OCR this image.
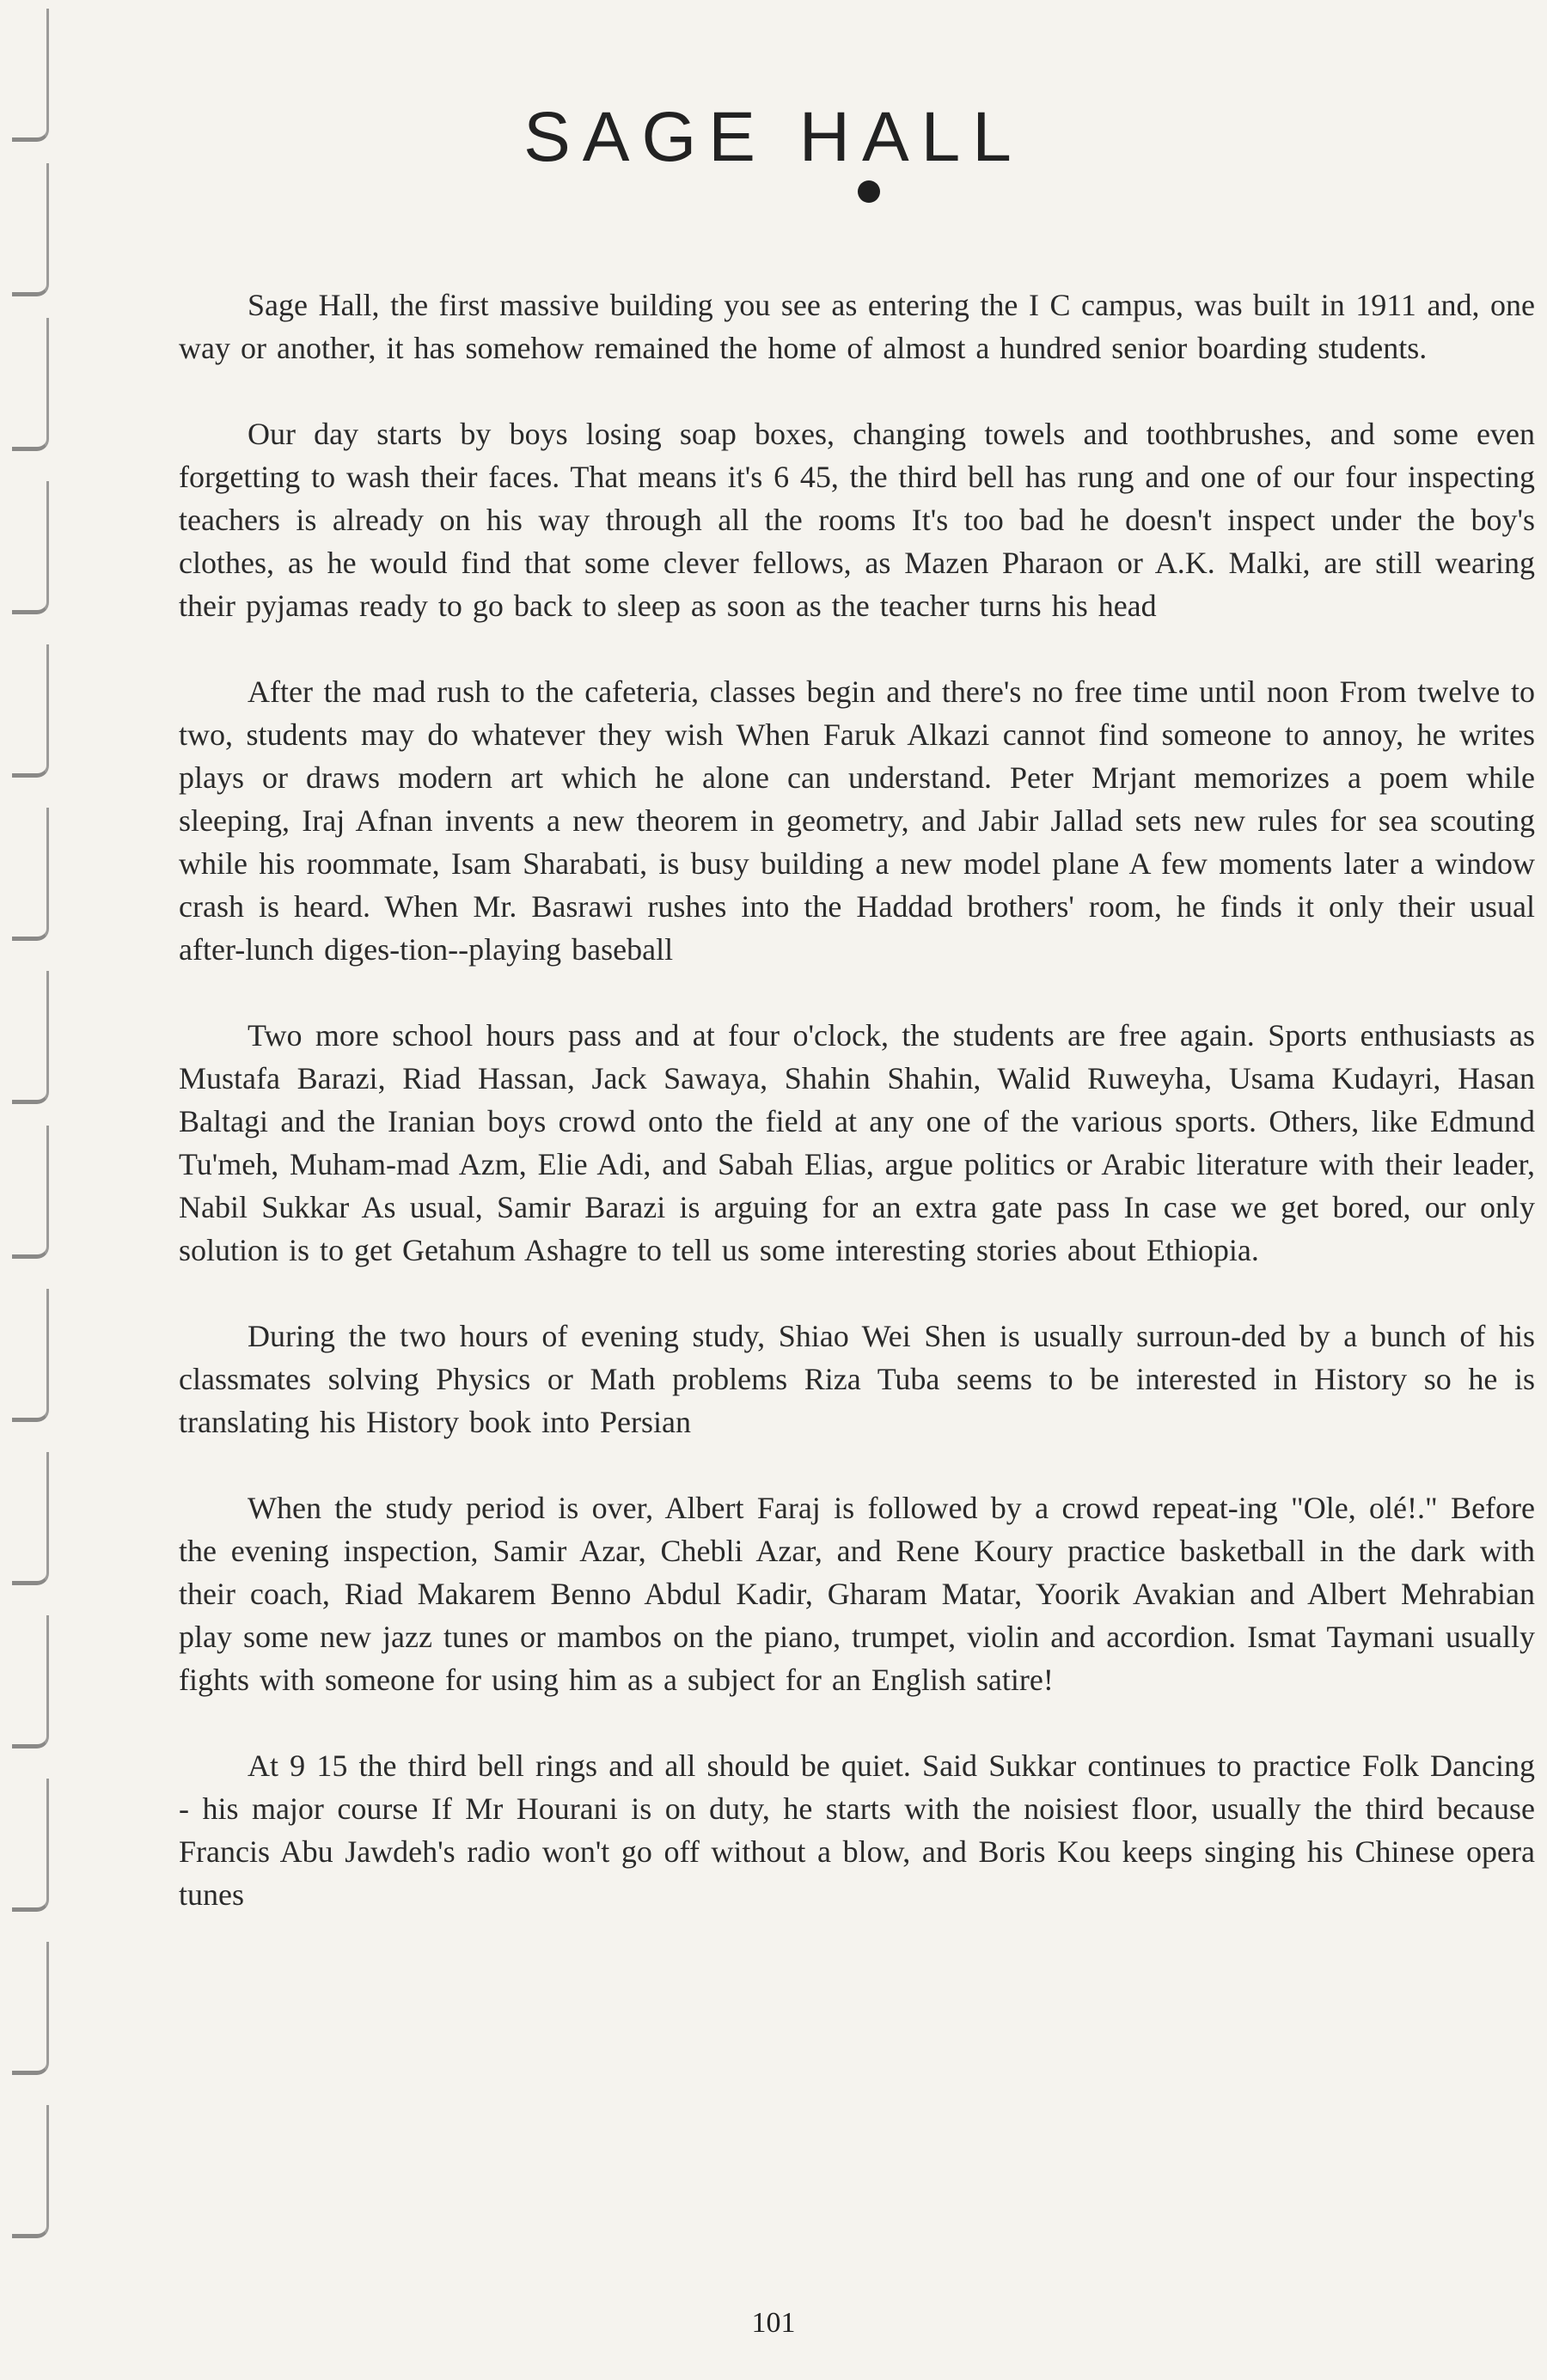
SAGE HALL

Sage Hall, the first massive building you see as entering the I C campus, was built in 1911 and, one way or another, it has somehow remained the home of almost a hundred senior boarding students.

Our day starts by boys losing soap boxes, changing towels and toothbrushes, and some even forgetting to wash their faces. That means it's 6 45, the third bell has rung and one of our four inspecting teachers is already on his way through all the rooms It's too bad he doesn't inspect under the boy's clothes, as he would find that some clever fellows, as Mazen Pharaon or A.K. Malki, are still wearing their pyjamas ready to go back to sleep as soon as the teacher turns his head

After the mad rush to the cafeteria, classes begin and there's no free time until noon From twelve to two, students may do whatever they wish When Faruk Alkazi cannot find someone to annoy, he writes plays or draws modern art which he alone can understand. Peter Mrjant memorizes a poem while sleeping, Iraj Afnan invents a new theorem in geometry, and Jabir Jallad sets new rules for sea scouting while his roommate, Isam Sharabati, is busy building a new model plane A few moments later a window crash is heard. When Mr. Basrawi rushes into the Haddad brothers' room, he finds it only their usual after-lunch diges-tion--playing baseball

Two more school hours pass and at four o'clock, the students are free again. Sports enthusiasts as Mustafa Barazi, Riad Hassan, Jack Sawaya, Shahin Shahin, Walid Ruweyha, Usama Kudayri, Hasan Baltagi and the Iranian boys crowd onto the field at any one of the various sports. Others, like Edmund Tu'meh, Muham-mad Azm, Elie Adi, and Sabah Elias, argue politics or Arabic literature with their leader, Nabil Sukkar As usual, Samir Barazi is arguing for an extra gate pass In case we get bored, our only solution is to get Getahum Ashagre to tell us some interesting stories about Ethiopia.

During the two hours of evening study, Shiao Wei Shen is usually surroun-ded by a bunch of his classmates solving Physics or Math problems Riza Tuba seems to be interested in History so he is translating his History book into Persian

When the study period is over, Albert Faraj is followed by a crowd repeat-ing "Ole, olé!." Before the evening inspection, Samir Azar, Chebli Azar, and Rene Koury practice basketball in the dark with their coach, Riad Makarem Benno Abdul Kadir, Gharam Matar, Yoorik Avakian and Albert Mehrabian play some new jazz tunes or mambos on the piano, trumpet, violin and accordion. Ismat Taymani usually fights with someone for using him as a subject for an English satire!

At 9 15 the third bell rings and all should be quiet. Said Sukkar continues to practice Folk Dancing - his major course If Mr Hourani is on duty, he starts with the noisiest floor, usually the third because Francis Abu Jawdeh's radio won't go off without a blow, and Boris Kou keeps singing his Chinese opera tunes

101
